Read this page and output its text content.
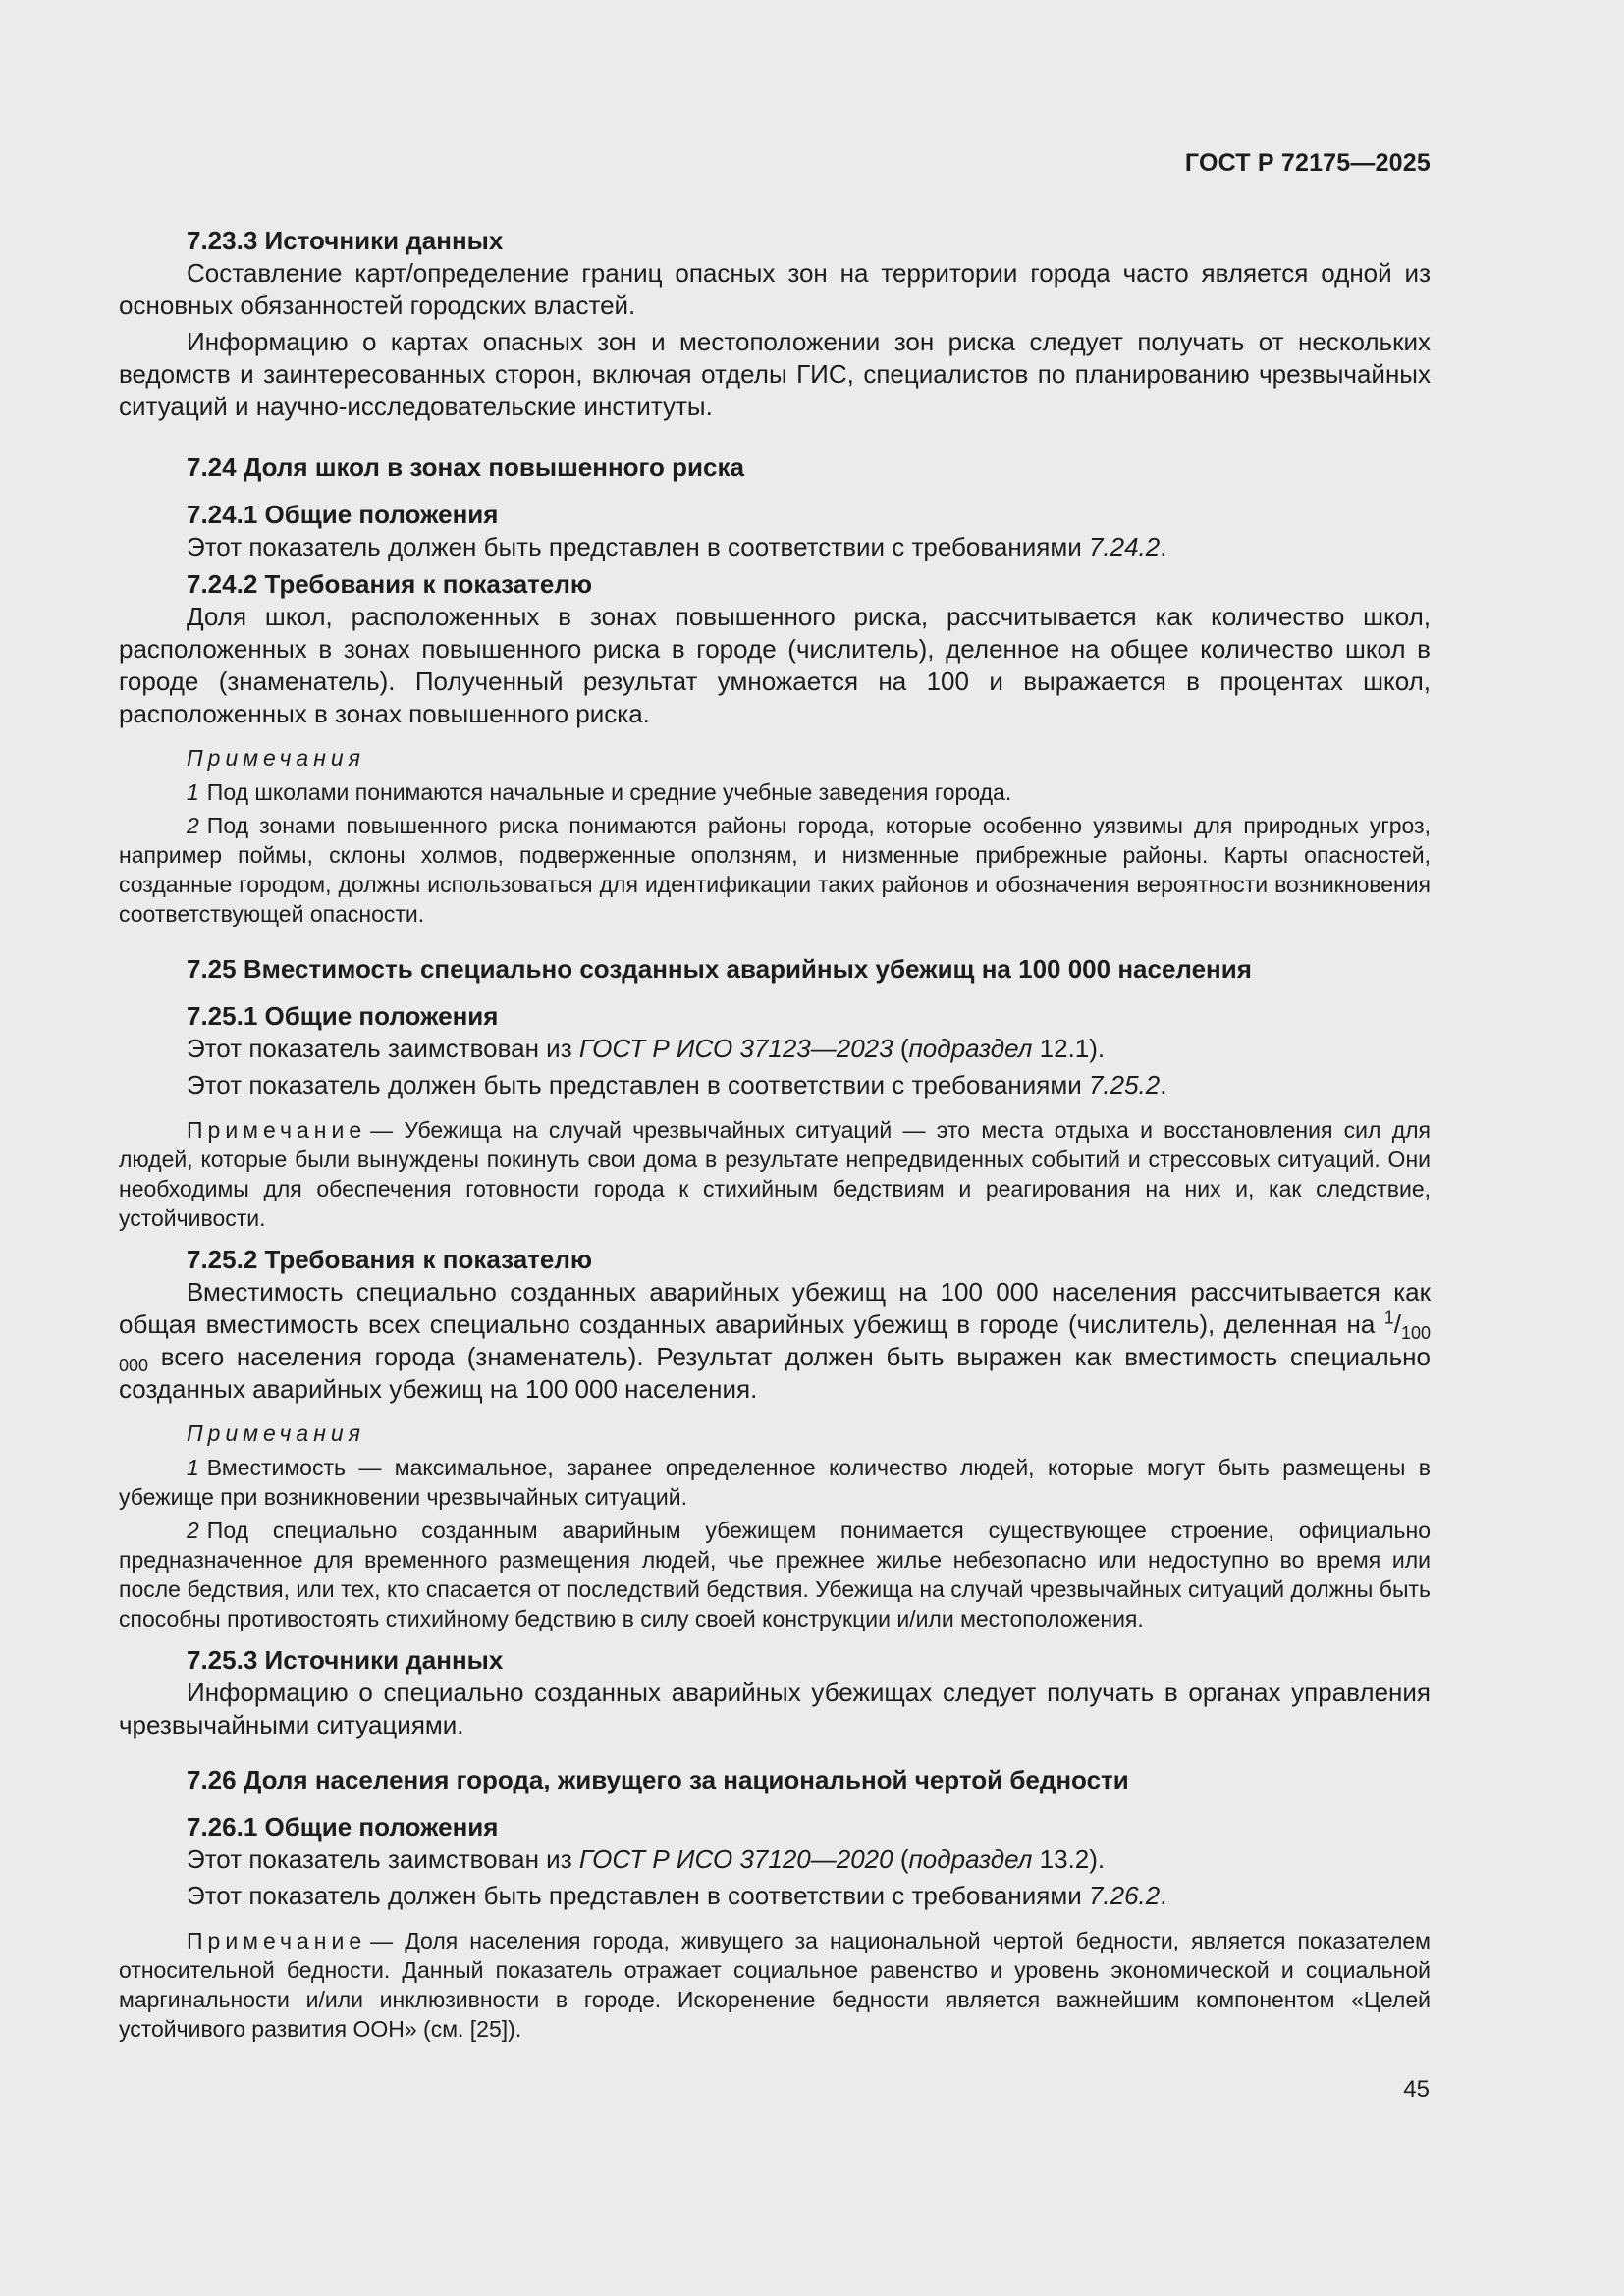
ГОСТ Р 72175—2025
7.23.3 Источники данных

Составление карт/определение границ опасных зон на территории города часто является одной из основных обязанностей городских властей.

Информацию о картах опасных зон и местоположении зон риска следует получать от нескольких ведомств и заинтересованных сторон, включая отделы ГИС, специалистов по планированию чрезвычайных ситуаций и научно-исследовательские институты.

7.24 Доля школ в зонах повышенного риска
7.24.1 Общие положения

Этот показатель должен быть представлен в соответствии с требованиями 7.24.2.

7.24.2 Требования к показателю

Доля школ, расположенных в зонах повышенного риска, рассчитывается как количество школ, расположенных в зонах повышенного риска в городе (числитель), деленное на общее количество школ в городе (знаменатель). Полученный результат умножается на 100 и выражается в процентах школ, расположенных в зонах повышенного риска.

Примечания

1 Под школами понимаются начальные и средние учебные заведения города.

2 Под зонами повышенного риска понимаются районы города, которые особенно уязвимы для природных угроз, например поймы, склоны холмов, подверженные оползням, и низменные прибрежные районы. Карты опасностей, созданные городом, должны использоваться для идентификации таких районов и обозначения вероятности возникновения соответствующей опасности.

7.25 Вместимость специально созданных аварийных убежищ на 100 000 населения
7.25.1 Общие положения

Этот показатель заимствован из ГОСТ Р ИСО 37123—2023 (подраздел 12.1).

Этот показатель должен быть представлен в соответствии с требованиями 7.25.2.

Примечание — Убежища на случай чрезвычайных ситуаций — это места отдыха и восстановления сил для людей, которые были вынуждены покинуть свои дома в результате непредвиденных событий и стрессовых ситуаций. Они необходимы для обеспечения готовности города к стихийным бедствиям и реагирования на них и, как следствие, устойчивости.

7.25.2 Требования к показателю

Вместимость специально созданных аварийных убежищ на 100 000 населения рассчитывается как общая вместимость всех специально созданных аварийных убежищ в городе (числитель), деленная на $^1/_{100 000}$ всего населения города (знаменатель). Результат должен быть выражен как вместимость специально созданных аварийных убежищ на 100 000 населения.

Примечания

1 Вместимость — максимальное, заранее определенное количество людей, которые могут быть размещены в убежище при возникновении чрезвычайных ситуаций.

2 Под специально созданным аварийным убежищем понимается существующее строение, официально предназначенное для временного размещения людей, чье прежнее жилье небезопасно или недоступно во время или после бедствия, или тех, кто спасается от последствий бедствия. Убежища на случай чрезвычайных ситуаций должны быть способны противостоять стихийному бедствию в силу своей конструкции и/или местоположения.

7.25.3 Источники данных

Информацию о специально созданных аварийных убежищах следует получать в органах управления чрезвычайными ситуациями.

7.26 Доля населения города, живущего за национальной чертой бедности
7.26.1 Общие положения

Этот показатель заимствован из ГОСТ Р ИСО 37120—2020 (подраздел 13.2).

Этот показатель должен быть представлен в соответствии с требованиями 7.26.2.

Примечание — Доля населения города, живущего за национальной чертой бедности, является показателем относительной бедности. Данный показатель отражает социальное равенство и уровень экономической и социальной маргинальности и/или инклюзивности в городе. Искоренение бедности является важнейшим компонентом «Целей устойчивого развития ООН» (см. [25]).

45
